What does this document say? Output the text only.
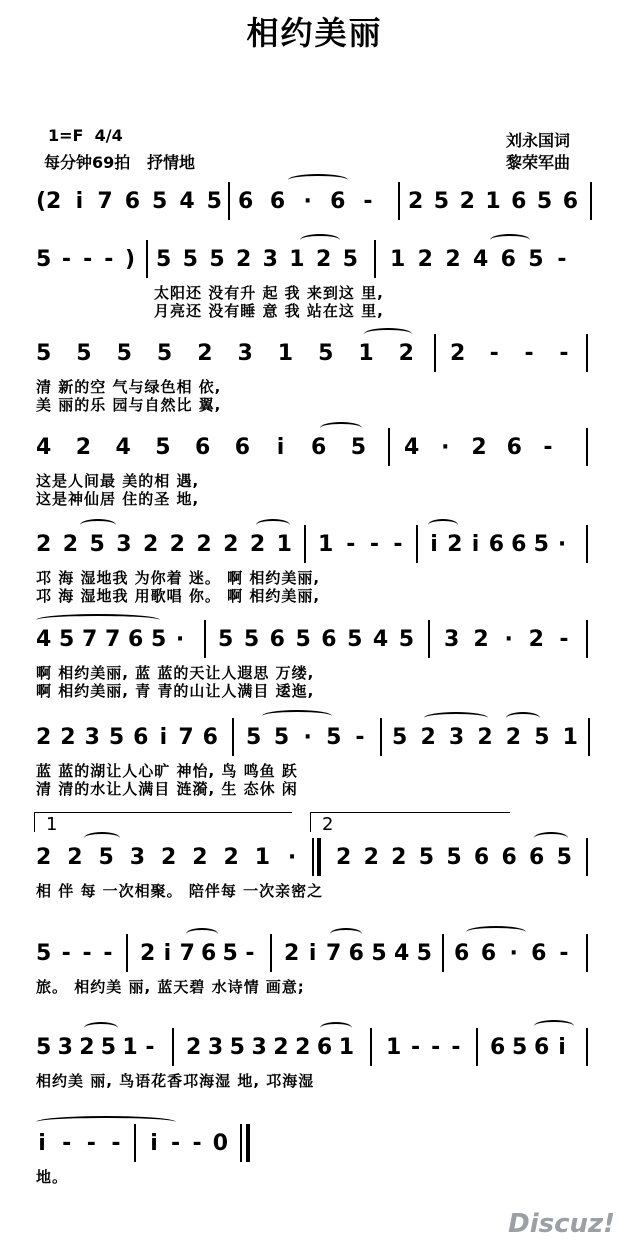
相约美丽
1=F  4/4
每分钟69拍   抒情地
刘永国词
黎荣军曲
(2 i 7 6 5 4 5 6 6 · 6 - 2 5 2 1 6 5 6
5 - - - ) 5 5 5 2 3 1 2 5 1 2 2 4 6 5 -
太阳还 没有升 起 我 来到这 里,
月亮还 没有睡 意 我 站在这 里,
5 5 5 5 2 3 1 5 1 2 2 - - -
清 新的空 气与绿色相 依,
美 丽的乐 园与自然比 翼,
4 2 4 5 6 6 i 6 5 4 · 2 6 -
这是人间最 美的相 遇,
这是神仙居 住的圣 地,
2 2 5 3 2 2 2 2 2 1 1 - - - i 2 i 6 6 5 ·
邛 海 湿地我 为你着 迷。 啊 相约美丽,
邛 海 湿地我 用歌唱 你。 啊 相约美丽,
4 5 7 7 6 5 · 5 5 6 5 6 5 4 5 3 2 · 2 -
啊 相约美丽, 蓝 蓝的天让人遐思 万缕,
啊 相约美丽, 青 青的山让人满目 逶迤,
2 2 3 5 6 i 7 6 5 5 · 5 - 5 2 3 2 2 5 1
蓝 蓝的湖让人心旷 神怡, 鸟 鸣鱼 跃
清 清的水让人满目 涟漪, 生 态休 闲
1	2
2 2 5 3 2 2 2 1 · 2 2 2 5 5 6 6 6 5
相 伴 每 一次相聚。 陪伴每 一次亲密之
5 - - - 2 i 7 6 5 - 2 i 7 6 5 4 5 6 6 · 6 -
旅。 相约美 丽, 蓝天碧 水诗情 画意;
5 3 2 5 1 - 2 3 5 3 2 2 6 1 1 - - - 6 5 6 i
相约美 丽, 鸟语花香邛海湿 地, 邛海湿
i - - - i - - 0
地。
Discuz!
